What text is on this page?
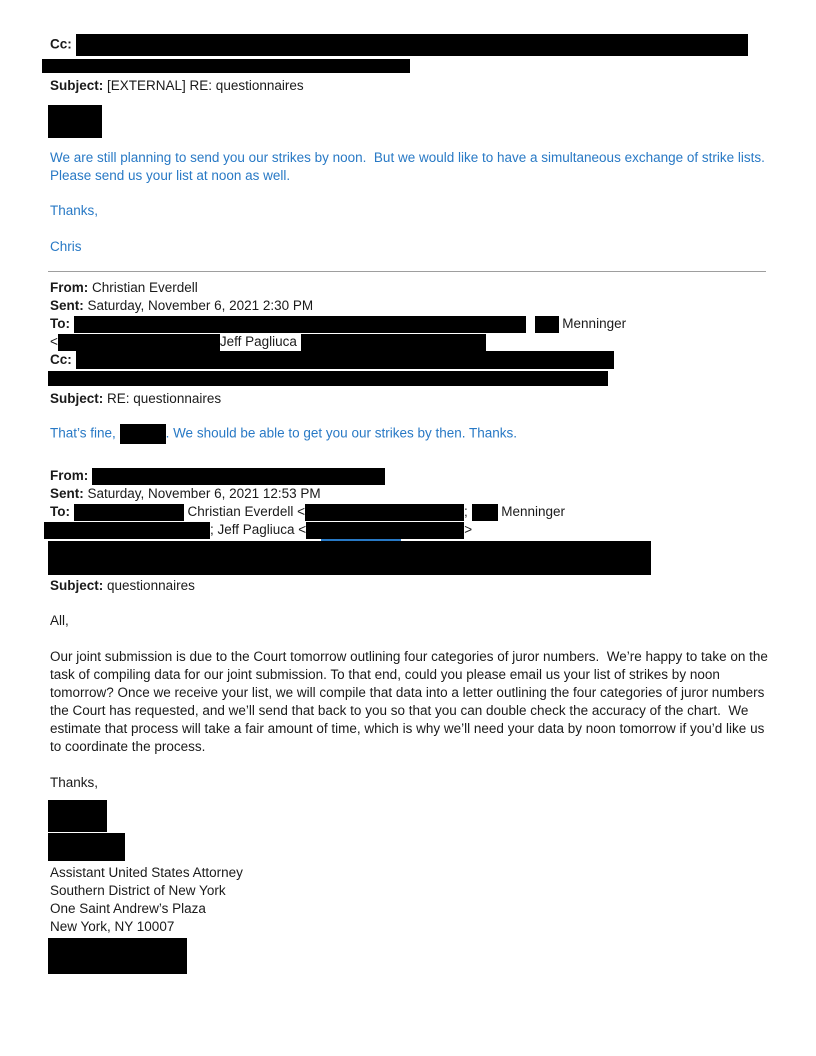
Cc:
Subject: [EXTERNAL] RE: questionnaires

We are still planning to send you our strikes by noon.  But we would like to have a simultaneous exchange of strike lists. Please send us your list at noon as well.

Thanks,

Chris

From: Christian Everdell
Sent: Saturday, November 6, 2021 2:30 PM
To:	Menninger
<	Jeff Pagliuca
Cc:
Subject: RE: questionnaires

That’s fine,	. We should be able to get you our strikes by then. Thanks.

From:
Sent: Saturday, November 6, 2021 12:53 PM
To:	Christian Everdell <	; Menninger
; Jeff Pagliuca <	>
Subject: questionnaires

All,

Our joint submission is due to the Court tomorrow outlining four categories of juror numbers.  We’re happy to take on the task of compiling data for our joint submission. To that end, could you please email us your list of strikes by noon tomorrow? Once we receive your list, we will compile that data into a letter outlining the four categories of juror numbers the Court has requested, and we’ll send that back to you so that you can double check the accuracy of the chart.  We estimate that process will take a fair amount of time, which is why we’ll need your data by noon tomorrow if you’d like us to coordinate the process.

Thanks,

Assistant United States Attorney
Southern District of New York
One Saint Andrew’s Plaza
New York, NY 10007
